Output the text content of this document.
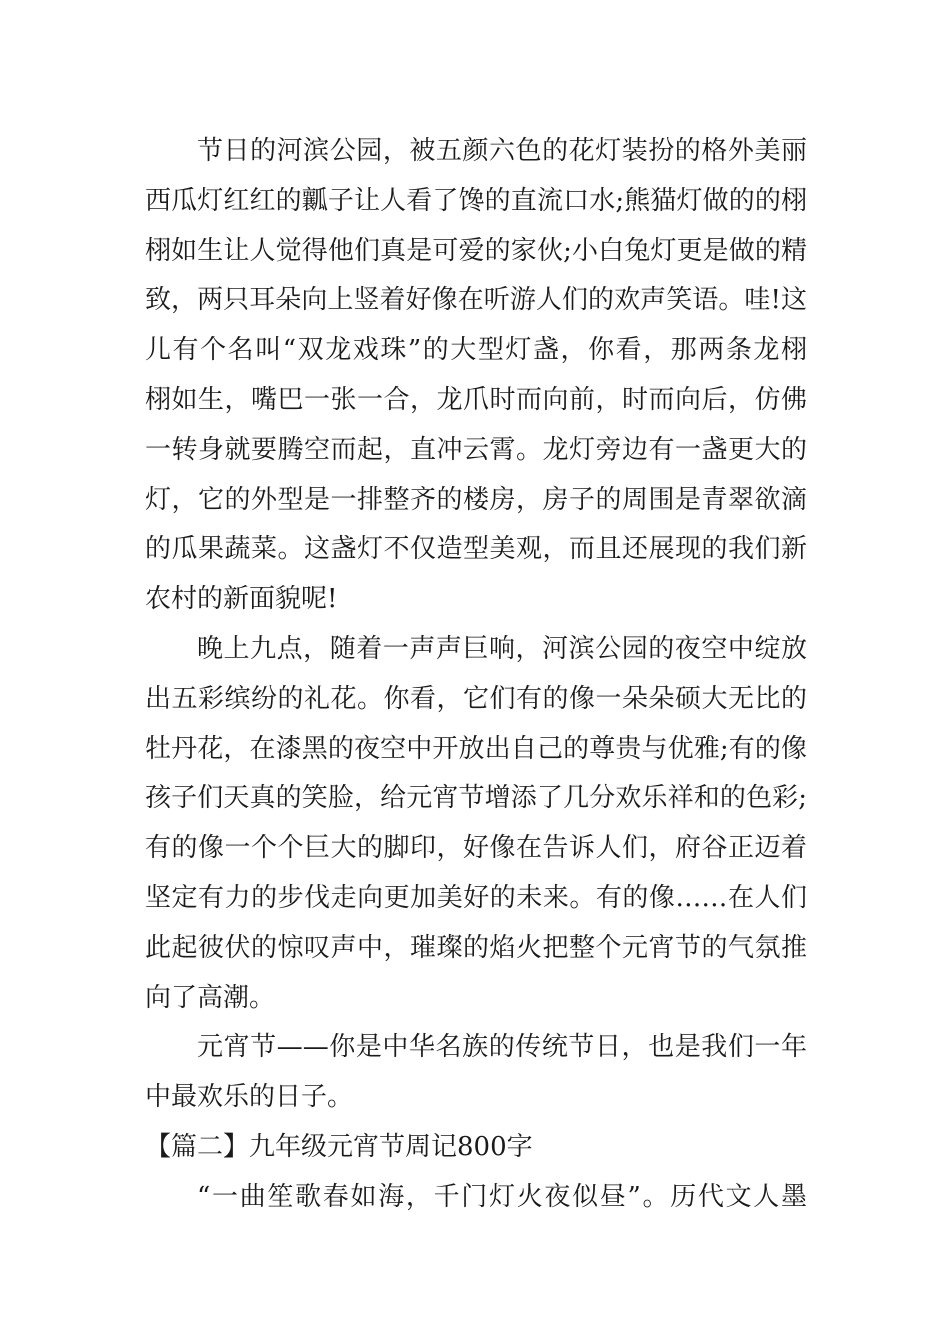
节日的河滨公园，被五颜六色的花灯装扮的格外美丽
西瓜灯红红的瓤子让人看了馋的直流口水;熊猫灯做的的栩
栩如生让人觉得他们真是可爱的家伙;小白兔灯更是做的精
致，两只耳朵向上竖着好像在听游人们的欢声笑语。哇!这
儿有个名叫“双龙戏珠”的大型灯盏，你看，那两条龙栩
栩如生，嘴巴一张一合，龙爪时而向前，时而向后，仿佛
一转身就要腾空而起，直冲云霄。龙灯旁边有一盏更大的
灯，它的外型是一排整齐的楼房，房子的周围是青翠欲滴
的瓜果蔬菜。这盏灯不仅造型美观，而且还展现的我们新
农村的新面貌呢!
晚上九点，随着一声声巨响，河滨公园的夜空中绽放
出五彩缤纷的礼花。你看，它们有的像一朵朵硕大无比的
牡丹花，在漆黑的夜空中开放出自己的尊贵与优雅;有的像
孩子们天真的笑脸，给元宵节增添了几分欢乐祥和的色彩;
有的像一个个巨大的脚印，好像在告诉人们，府谷正迈着
坚定有力的步伐走向更加美好的未来。有的像……在人们
此起彼伏的惊叹声中，璀璨的焰火把整个元宵节的气氛推
向了高潮。
元宵节——你是中华名族的传统节日，也是我们一年
中最欢乐的日子。
【篇二】九年级元宵节周记800字
“一曲笙歌春如海，千门灯火夜似昼”。历代文人墨
